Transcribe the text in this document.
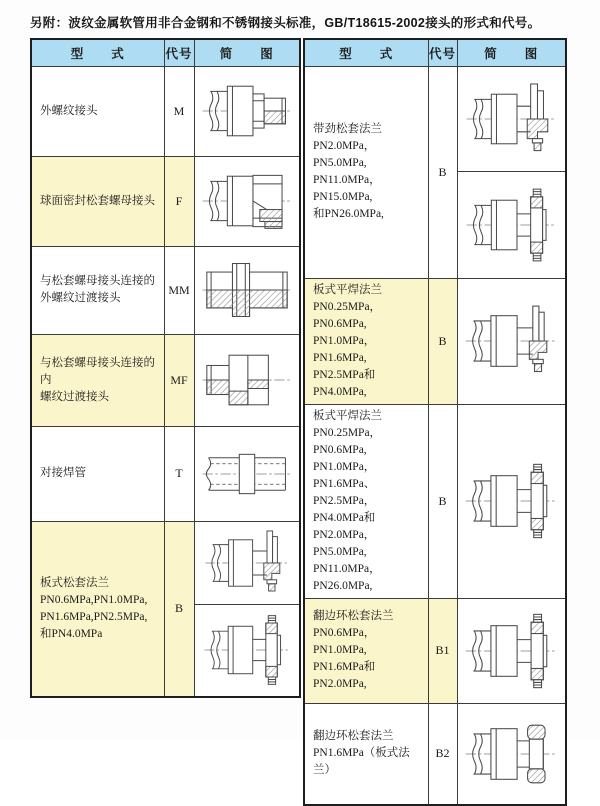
另附：波纹金属软管用非合金钢和不锈钢接头标准，GB/T18615-2002接头的形式和代号。
型　　式	代号	简　　图
外螺纹接头	M	

球面密封松套螺母接头	F	

与松套螺母接头连接的
外螺纹过渡接头	MM	

与松套螺母接头连接的内
螺纹过渡接头	MF	

对接焊管	T	

板式松套法兰
PN0.6MPa,PN1.0MPa,
PN1.6MPa,PN2.5MPa,
和PN4.0MPa	B	
型　　式	代号	简　　图
带劲松套法兰
PN2.0MPa，PN5.0MPa,
PN11.0MPa，PN15.0MPa,
和PN26.0MPa,	B	

板式平焊法兰
PN0.25MPa，PN0.6MPa,
PN1.0MPa，PN1.6MPa,
PN2.5MPa和PN4.0MPa,	B	

板式平焊法兰
PN0.25MPa，PN0.6MPa,
PN1.0MPa，PN1.6MPa、
PN2.5MPa，PN4.0MPa和
PN2.0MPa，PN5.0MPa,
PN11.0MPa，PN26.0MPa,	B	

翻边环松套法兰
PN0.6MPa，PN1.0MPa,
PN1.6MPa和PN2.0MPa,	B1	

翻边环松套法兰
PN1.6MPa（板式法兰）	B2	
